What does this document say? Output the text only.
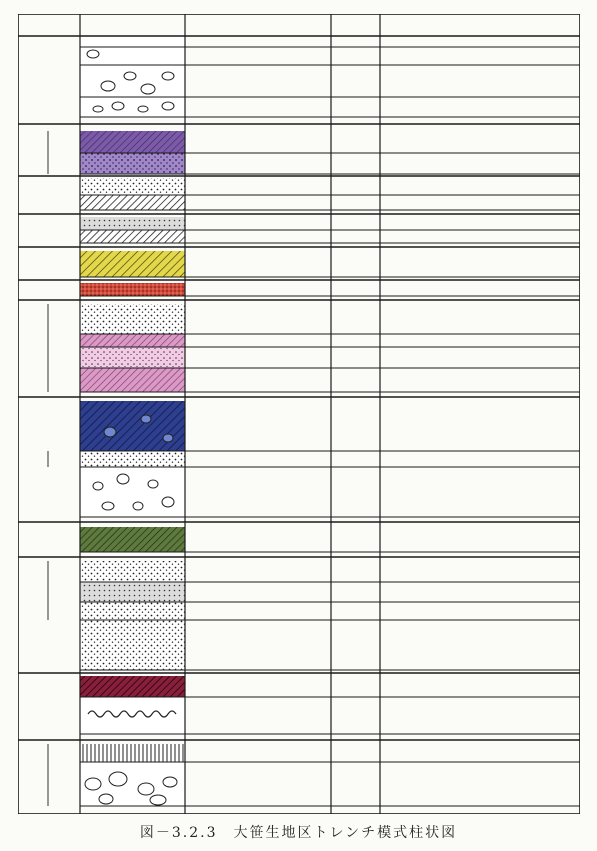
図－3.2.3　大笹生地区トレンチ模式柱状図
